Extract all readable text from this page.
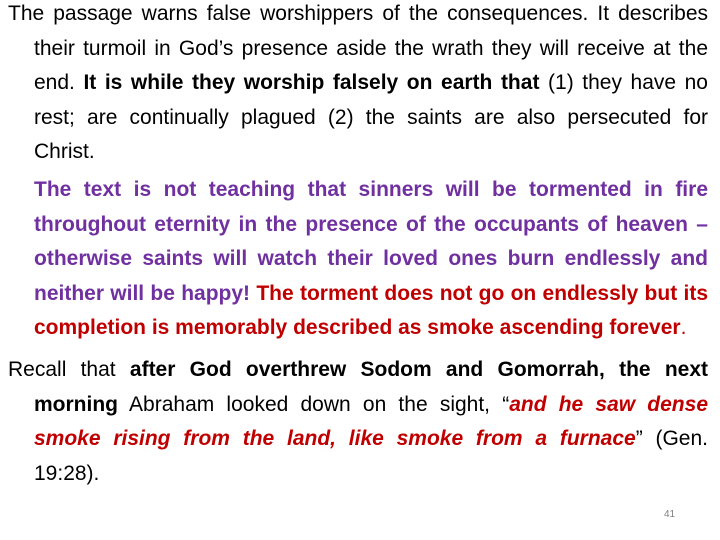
The passage warns false worshippers of the consequences. It describes their turmoil in God’s presence aside the wrath they will receive at the end. It is while they worship falsely on earth that (1) they have no rest; are continually plagued (2) the saints are also persecuted for Christ.
The text is not teaching that sinners will be tormented in fire throughout eternity in the presence of the occupants of heaven –otherwise saints will watch their loved ones burn endlessly and neither will be happy! The torment does not go on endlessly but its completion is memorably described as smoke ascending forever.
Recall that after God overthrew Sodom and Gomorrah, the next morning Abraham looked down on the sight, “and he saw dense smoke rising from the land, like smoke from a furnace” (Gen. 19:28).
41
